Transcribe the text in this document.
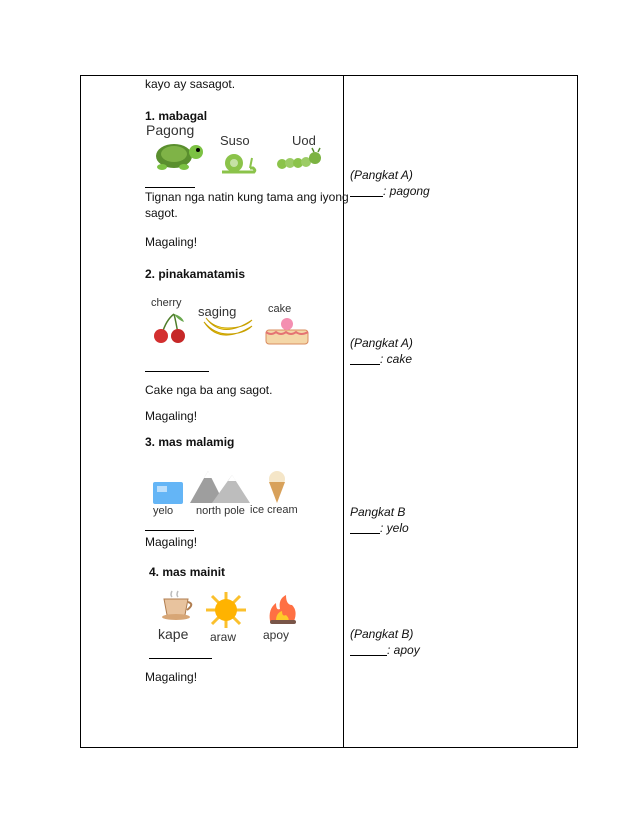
kayo ay sasagot.
1. mabagal
Pagong
Suso	Uod
Tignan nga natin kung tama ang iyong
sagot.
Magaling!
2. pinakamatamis
cherry
saging	cake
Cake nga ba ang sagot.
Magaling!
3. mas malamig
yelo north pole ice cream
Magaling!
4. mas mainit
kape araw apoy
Magaling!
(Pangkat A)
: pagong
(Pangkat A)
: cake
Pangkat B
: yelo
(Pangkat B)
: apoy
